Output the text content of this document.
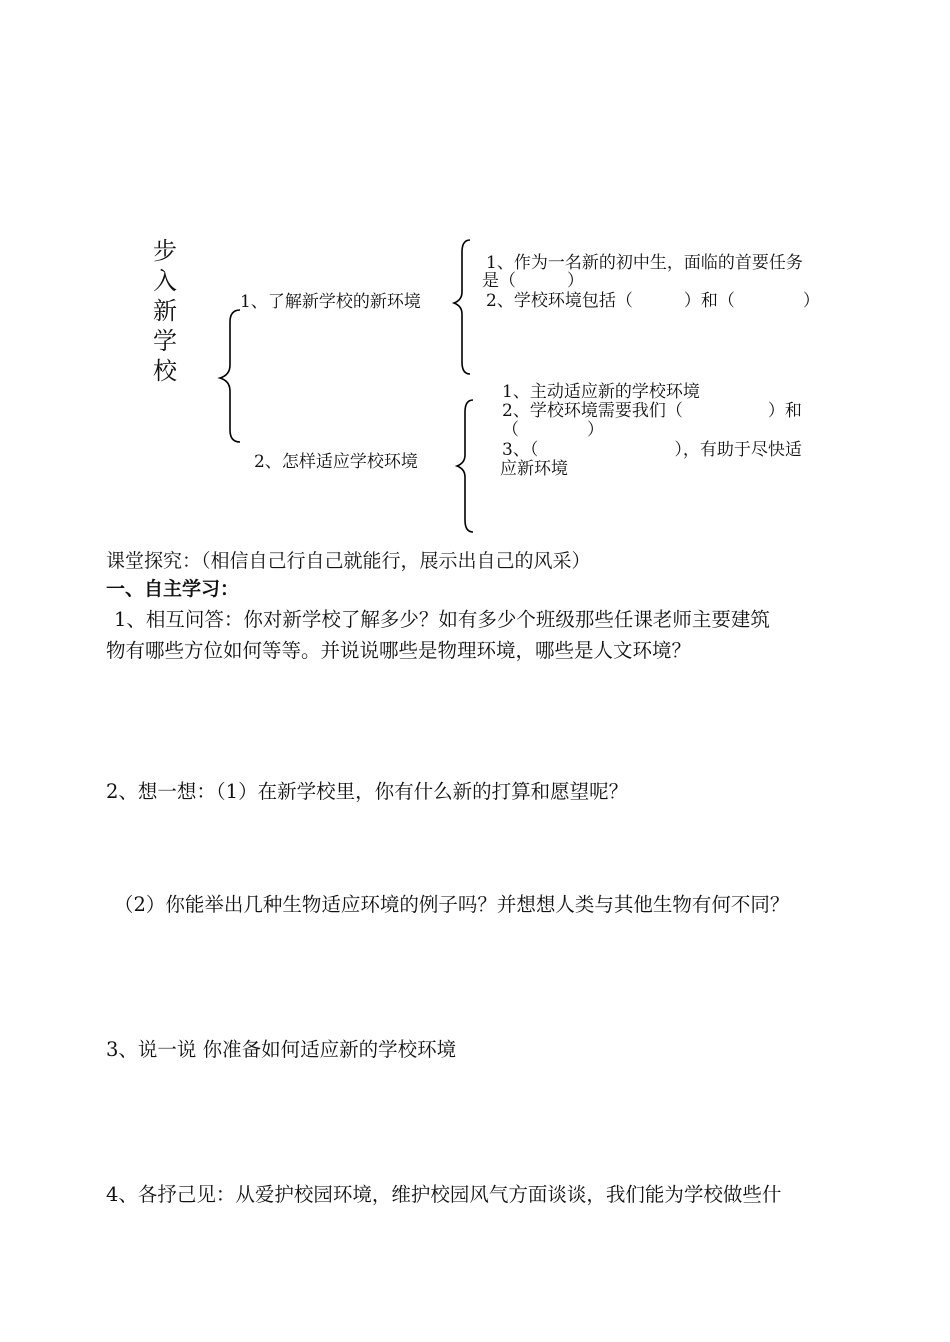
步
入
新
学
校
1、了解新学校的新环境
2、怎样适应学校环境
1、作为一名新的初中生，面临的首要任务
是（　　　）
2、学校环境包括（　　　）和（　　　　）
1、主动适应新的学校环境
2、学校环境需要我们（　　　　　）和
（　　　　）
3、（　　　　　　　　），有助于尽快适
应新环境
课堂探究：（相信自己行自己就能行，展示出自己的风采）
一、自主学习：
1、相互问答：你对新学校了解多少？如有多少个班级那些任课老师主要建筑
物有哪些方位如何等等。并说说哪些是物理环境，哪些是人文环境？
2、想一想：（1）在新学校里，你有什么新的打算和愿望呢？
（2）你能举出几种生物适应环境的例子吗？并想想人类与其他生物有何不同？
3、说一说 你准备如何适应新的学校环境
4、各抒己见：从爱护校园环境，维护校园风气方面谈谈，我们能为学校做些什
